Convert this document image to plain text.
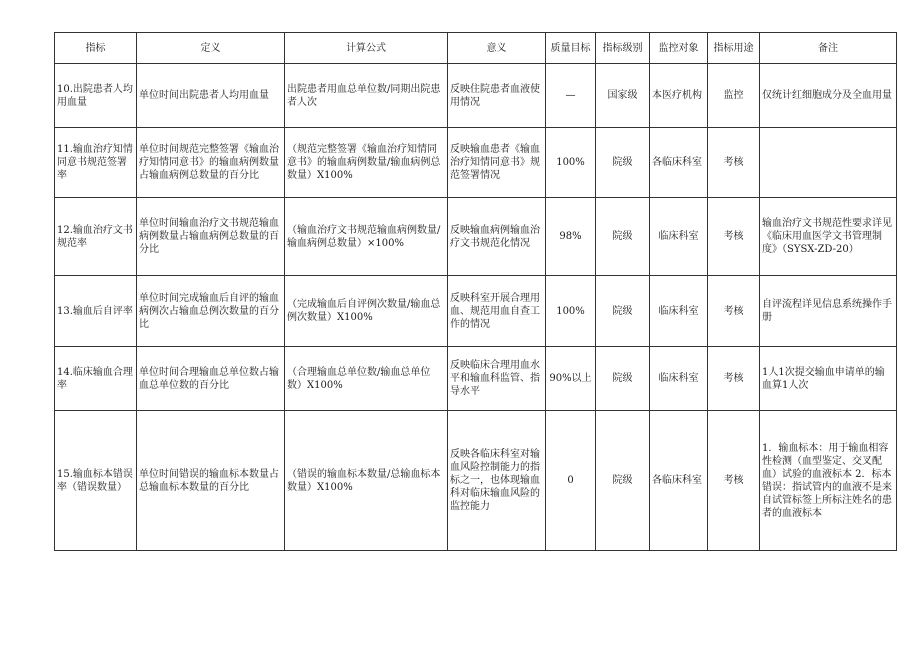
指标	定义	计算公式	意义	质量目标	指标级别	监控对象	指标用途	备注
10.出院患者人均用血量	单位时间出院患者人均用血量	出院患者用血总单位数/同期出院患者人次	反映住院患者血液使用情况	—	国家级	本医疗机构	监控	仅统计红细胞成分及全血用量
11.输血治疗知情同意书规范签署率	单位时间规范完整签署《输血治疗知情同意书》的输血病例数量占输血病例总数量的百分比	（规范完整签署《输血治疗知情同意书》的输血病例数量/输血病例总数量）X100%	反映输血患者《输血治疗知情同意书》规范签署情况	100%	院级	各临床科室	考核	
12.输血治疗文书规范率	单位时间输血治疗文书规范输血病例数量占输血病例总数量的百分比	（输血治疗文书规范输血病例数量/输血病例总数量）×100%	反映输血病例输血治疗文书规范化情况	98%	院级	临床科室	考核	输血治疗文书规范性要求详见《临床用血医学文书管理制度》（SYSX-ZD-20）
13.输血后自评率	单位时间完成输血后自评的输血病例次占输血总例次数量的百分比	（完成输血后自评例次数量/输血总例次数量）X100%	反映科室开展合理用血、规范用血自查工作的情况	100%	院级	临床科室	考核	自评流程详见信息系统操作手册
14.临床输血合理率	单位时间合理输血总单位数占输血总单位数的百分比	（合理输血总单位数/输血总单位数）X100%	反映临床合理用血水平和输血科监管、指导水平	90%以上	院级	临床科室	考核	1人1次提交输血申请单的输血算1人次
15.输血标本错误率（错误数量）	单位时间错误的输血标本数量占总输血标本数量的百分比	（错误的输血标本数量/总输血标本数量）X100%	反映各临床科室对输血风险控制能力的指标之一，也体现输血科对临床输血风险的监控能力	0	院级	各临床科室	考核	1．输血标本：用于输血相容性检测（血型鉴定、交叉配血）试验的血液标本 2．标本错误：指试管内的血液不是来自试管标签上所标注姓名的患者的血液标本
